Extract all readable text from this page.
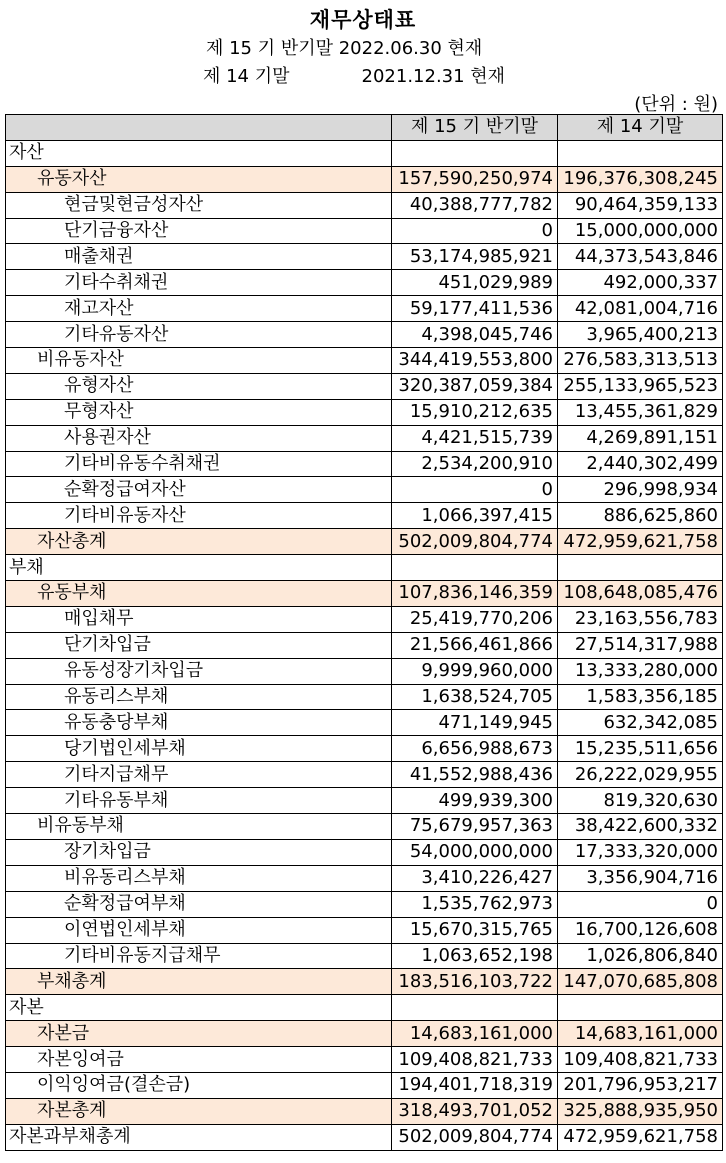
재무상태표
제 15 기 반기말 2022.06.30 현재
제 14 기말	2021.12.31 현재
(단위 : 원)
	제 15 기 반기말	제 14 기말
자산		
유동자산	157,590,250,974	196,376,308,245
현금및현금성자산	40,388,777,782	90,464,359,133
단기금융자산	0	15,000,000,000
매출채권	53,174,985,921	44,373,543,846
기타수취채권	451,029,989	492,000,337
재고자산	59,177,411,536	42,081,004,716
기타유동자산	4,398,045,746	3,965,400,213
비유동자산	344,419,553,800	276,583,313,513
유형자산	320,387,059,384	255,133,965,523
무형자산	15,910,212,635	13,455,361,829
사용권자산	4,421,515,739	4,269,891,151
기타비유동수취채권	2,534,200,910	2,440,302,499
순확정급여자산	0	296,998,934
기타비유동자산	1,066,397,415	886,625,860
자산총계	502,009,804,774	472,959,621,758
부채		
유동부채	107,836,146,359	108,648,085,476
매입채무	25,419,770,206	23,163,556,783
단기차입금	21,566,461,866	27,514,317,988
유동성장기차입금	9,999,960,000	13,333,280,000
유동리스부채	1,638,524,705	1,583,356,185
유동충당부채	471,149,945	632,342,085
당기법인세부채	6,656,988,673	15,235,511,656
기타지급채무	41,552,988,436	26,222,029,955
기타유동부채	499,939,300	819,320,630
비유동부채	75,679,957,363	38,422,600,332
장기차입금	54,000,000,000	17,333,320,000
비유동리스부채	3,410,226,427	3,356,904,716
순확정급여부채	1,535,762,973	0
이연법인세부채	15,670,315,765	16,700,126,608
기타비유동지급채무	1,063,652,198	1,026,806,840
부채총계	183,516,103,722	147,070,685,808
자본		
자본금	14,683,161,000	14,683,161,000
자본잉여금	109,408,821,733	109,408,821,733
이익잉여금(결손금)	194,401,718,319	201,796,953,217
자본총계	318,493,701,052	325,888,935,950
자본과부채총계	502,009,804,774	472,959,621,758
